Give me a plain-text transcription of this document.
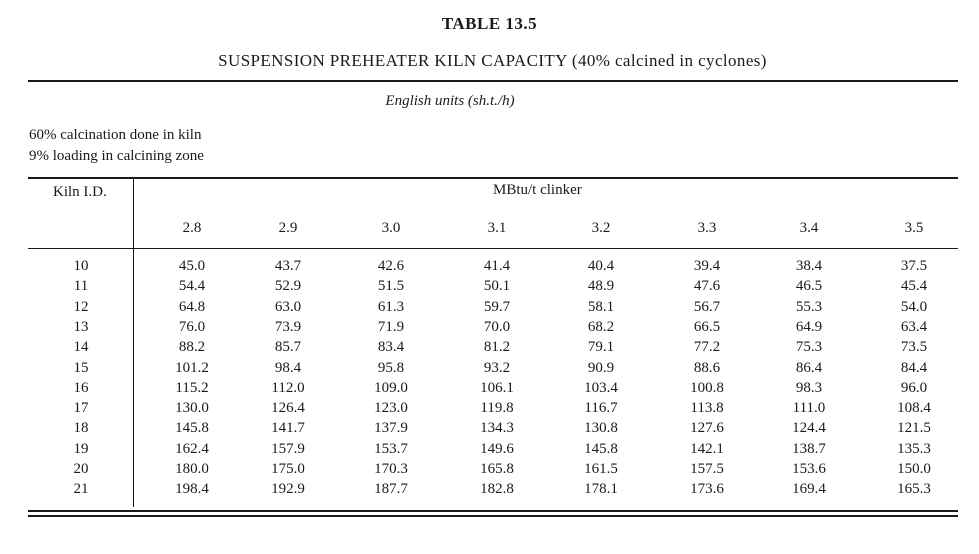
TABLE 13.5
SUSPENSION PREHEATER KILN CAPACITY (40% calcined in cyclones)
English units (sh.t./h)
60% calcination done in kiln
9% loading in calcining zone
Kiln I.D.	MBtu/t clinker
2.8	2.9	3.0	3.1	3.2	3.3	3.4	3.5
10	45.0	43.7	42.6	41.4	40.4	39.4	38.4	37.5
11	54.4	52.9	51.5	50.1	48.9	47.6	46.5	45.4
12	64.8	63.0	61.3	59.7	58.1	56.7	55.3	54.0
13	76.0	73.9	71.9	70.0	68.2	66.5	64.9	63.4
14	88.2	85.7	83.4	81.2	79.1	77.2	75.3	73.5
15	101.2	98.4	95.8	93.2	90.9	88.6	86.4	84.4
16	115.2	112.0	109.0	106.1	103.4	100.8	98.3	96.0
17	130.0	126.4	123.0	119.8	116.7	113.8	111.0	108.4
18	145.8	141.7	137.9	134.3	130.8	127.6	124.4	121.5
19	162.4	157.9	153.7	149.6	145.8	142.1	138.7	135.3
20	180.0	175.0	170.3	165.8	161.5	157.5	153.6	150.0
21	198.4	192.9	187.7	182.8	178.1	173.6	169.4	165.3
